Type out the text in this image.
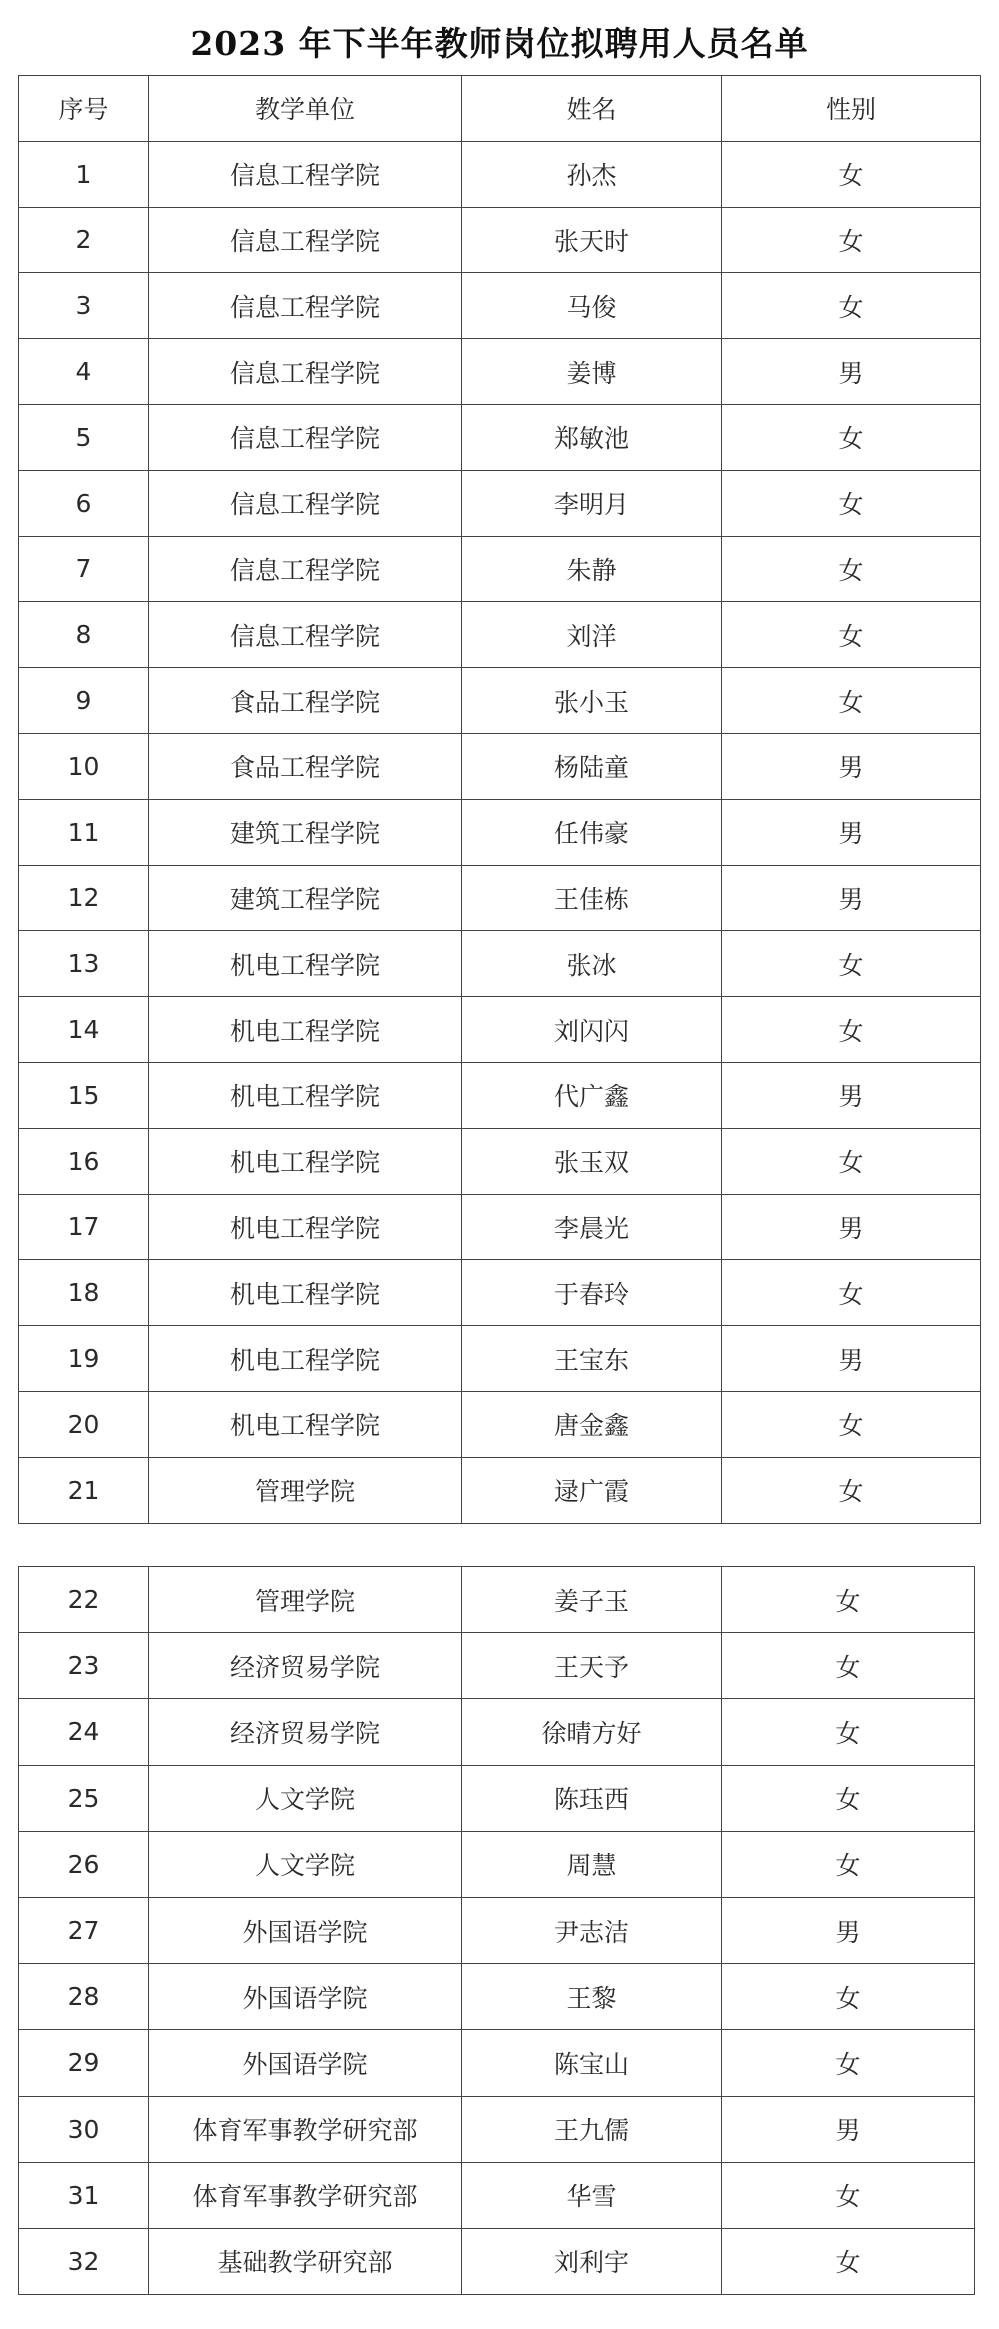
2023 年下半年教师岗位拟聘用人员名单
序号	教学单位	姓名	性别
1	信息工程学院	孙杰	女
2	信息工程学院	张天时	女
3	信息工程学院	马俊	女
4	信息工程学院	姜博	男
5	信息工程学院	郑敏池	女
6	信息工程学院	李明月	女
7	信息工程学院	朱静	女
8	信息工程学院	刘洋	女
9	食品工程学院	张小玉	女
10	食品工程学院	杨陆童	男
11	建筑工程学院	任伟豪	男
12	建筑工程学院	王佳栋	男
13	机电工程学院	张冰	女
14	机电工程学院	刘闪闪	女
15	机电工程学院	代广鑫	男
16	机电工程学院	张玉双	女
17	机电工程学院	李晨光	男
18	机电工程学院	于春玲	女
19	机电工程学院	王宝东	男
20	机电工程学院	唐金鑫	女
21	管理学院	逯广霞	女
22	管理学院	姜子玉	女
23	经济贸易学院	王天予	女
24	经济贸易学院	徐晴方好	女
25	人文学院	陈珏西	女
26	人文学院	周慧	女
27	外国语学院	尹志洁	男
28	外国语学院	王黎	女
29	外国语学院	陈宝山	女
30	体育军事教学研究部	王九儒	男
31	体育军事教学研究部	华雪	女
32	基础教学研究部	刘利宇	女
